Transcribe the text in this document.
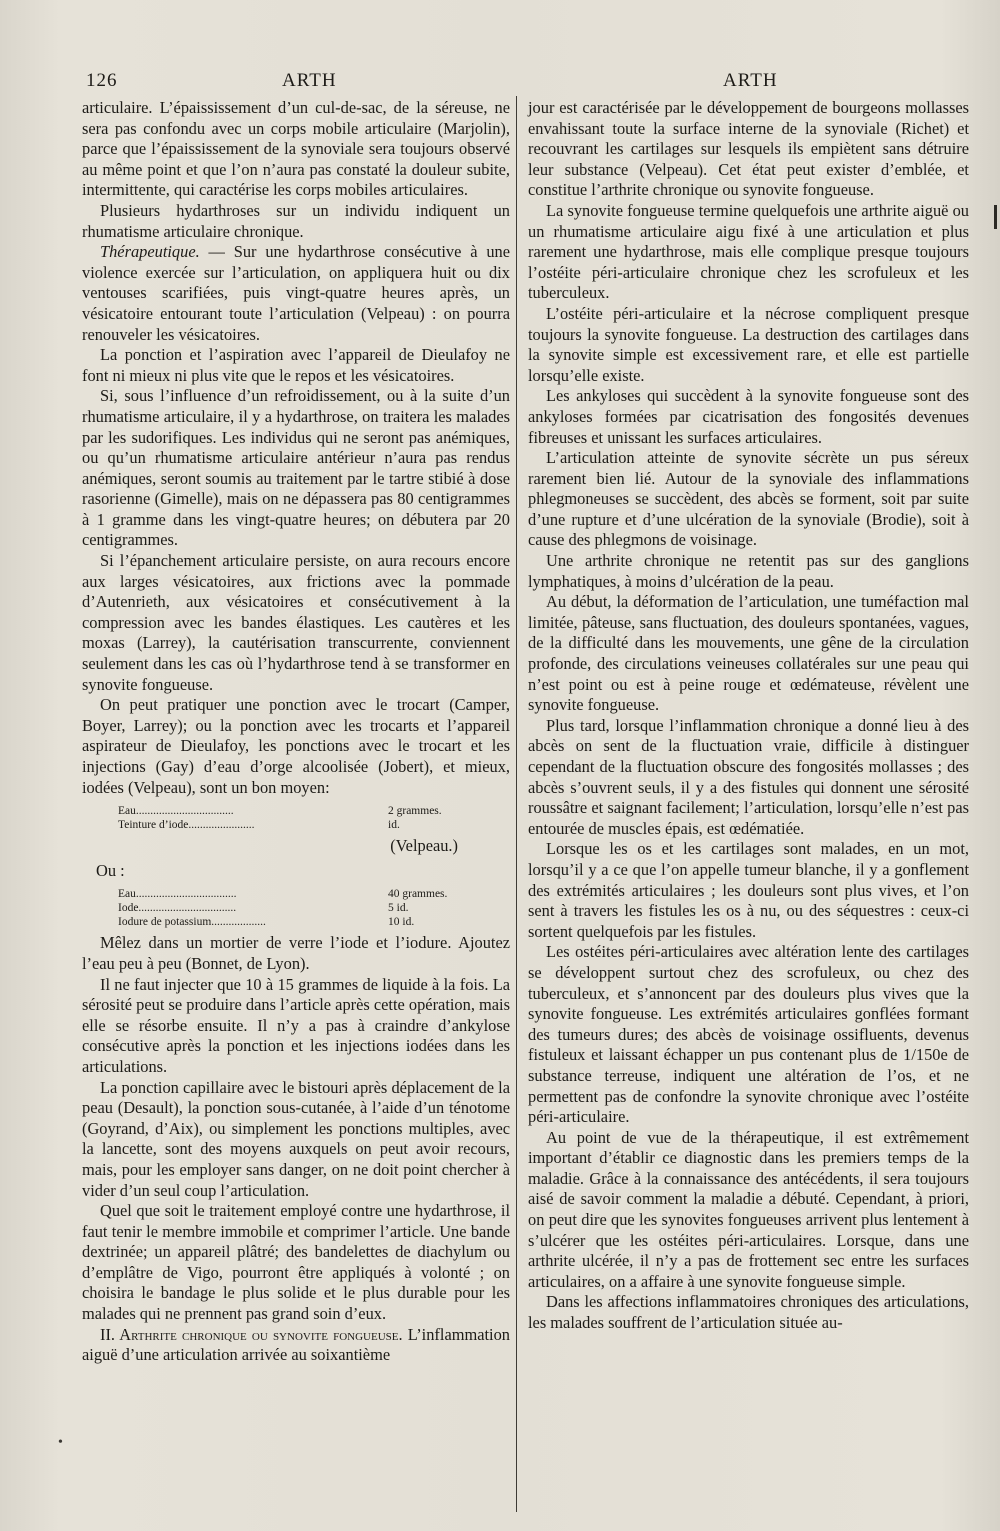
126	ARTH	ARTH

articulaire. L’épaississement d’un cul-de-sac, de la séreuse, ne sera pas confondu avec un corps mobile articulaire (Marjolin), parce que l’épaississement de la synoviale sera toujours observé au même point et que l’on n’aura pas constaté la douleur subite, intermittente, qui caractérise les corps mobiles articulaires.

Plusieurs hydarthroses sur un individu indiquent un rhumatisme articulaire chronique.

Thérapeutique. — Sur une hydarthrose consécutive à une violence exercée sur l’articulation, on appliquera huit ou dix ventouses scarifiées, puis vingt-quatre heures après, un vésicatoire entourant toute l’articulation (Velpeau) : on pourra renouveler les vésicatoires.

La ponction et l’aspiration avec l’appareil de Dieulafoy ne font ni mieux ni plus vite que le repos et les vésicatoires.

Si, sous l’influence d’un refroidissement, ou à la suite d’un rhumatisme articulaire, il y a hydarthrose, on traitera les malades par les sudorifiques. Les individus qui ne seront pas anémiques, ou qu’un rhumatisme articulaire antérieur n’aura pas rendus anémiques, seront soumis au traitement par le tartre stibié à dose rasorienne (Gimelle), mais on ne dépassera pas 80 centigrammes à 1 gramme dans les vingt-quatre heures; on débutera par 20 centigrammes.

Si l’épanchement articulaire persiste, on aura recours encore aux larges vésicatoires, aux frictions avec la pommade d’Autenrieth, aux vésicatoires et consécutivement à la compression avec les bandes élastiques. Les cautères et les moxas (Larrey), la cautérisation transcurrente, conviennent seulement dans les cas où l’hydarthrose tend à se transformer en synovite fongueuse.

On peut pratiquer une ponction avec le trocart (Camper, Boyer, Larrey); ou la ponction avec les trocarts et l’appareil aspirateur de Dieulafoy, les ponctions avec le trocart et les injections (Gay) d’eau d’orge alcoolisée (Jobert), et mieux, iodées (Velpeau), sont un bon moyen:

Eau..................................	2 grammes.
Teinture d’iode.......................	id.
(Velpeau.)
Ou :
Eau...................................	40 grammes.
Iode..................................	5 id.
Iodure de potassium...................	10 id.

Mêlez dans un mortier de verre l’iode et l’iodure. Ajoutez l’eau peu à peu (Bonnet, de Lyon).

Il ne faut injecter que 10 à 15 grammes de liquide à la fois. La sérosité peut se produire dans l’article après cette opération, mais elle se résorbe ensuite. Il n’y a pas à craindre d’ankylose consécutive après la ponction et les injections iodées dans les articulations.

La ponction capillaire avec le bistouri après déplacement de la peau (Desault), la ponction sous-cutanée, à l’aide d’un ténotome (Goyrand, d’Aix), ou simplement les ponctions multiples, avec la lancette, sont des moyens auxquels on peut avoir recours, mais, pour les employer sans danger, on ne doit point chercher à vider d’un seul coup l’articulation.

Quel que soit le traitement employé contre une hydarthrose, il faut tenir le membre immobile et comprimer l’article. Une bande dextrinée; un appareil plâtré; des bandelettes de diachylum ou d’emplâtre de Vigo, pourront être appliqués à volonté ; on choisira le bandage le plus solide et le plus durable pour les malades qui ne prennent pas grand soin d’eux.

II. Arthrite chronique ou synovite fongueuse. L’inflammation aiguë d’une articulation arrivée au soixantième

jour est caractérisée par le développement de bourgeons mollasses envahissant toute la surface interne de la synoviale (Richet) et recouvrant les cartilages sur lesquels ils empiètent sans détruire leur substance (Velpeau). Cet état peut exister d’emblée, et constitue l’arthrite chronique ou synovite fongueuse.

La synovite fongueuse termine quelquefois une arthrite aiguë ou un rhumatisme articulaire aigu fixé à une articulation et plus rarement une hydarthrose, mais elle complique presque toujours l’ostéite péri-articulaire chronique chez les scrofuleux et les tuberculeux.

L’ostéite péri-articulaire et la nécrose compliquent presque toujours la synovite fongueuse. La destruction des cartilages dans la synovite simple est excessivement rare, et elle est partielle lorsqu’elle existe.

Les ankyloses qui succèdent à la synovite fongueuse sont des ankyloses formées par cicatrisation des fongosités devenues fibreuses et unissant les surfaces articulaires.

L’articulation atteinte de synovite sécrète un pus séreux rarement bien lié. Autour de la synoviale des inflammations phlegmoneuses se succèdent, des abcès se forment, soit par suite d’une rupture et d’une ulcération de la synoviale (Brodie), soit à cause des phlegmons de voisinage.

Une arthrite chronique ne retentit pas sur des ganglions lymphatiques, à moins d’ulcération de la peau.

Au début, la déformation de l’articulation, une tuméfaction mal limitée, pâteuse, sans fluctuation, des douleurs spontanées, vagues, de la difficulté dans les mouvements, une gêne de la circulation profonde, des circulations veineuses collatérales sur une peau qui n’est point ou est à peine rouge et œdémateuse, révèlent une synovite fongueuse.

Plus tard, lorsque l’inflammation chronique a donné lieu à des abcès on sent de la fluctuation vraie, difficile à distinguer cependant de la fluctuation obscure des fongosités mollasses ; des abcès s’ouvrent seuls, il y a des fistules qui donnent une sérosité roussâtre et saignant facilement; l’articulation, lorsqu’elle n’est pas entourée de muscles épais, est œdématiée.

Lorsque les os et les cartilages sont malades, en un mot, lorsqu’il y a ce que l’on appelle tumeur blanche, il y a gonflement des extrémités articulaires ; les douleurs sont plus vives, et l’on sent à travers les fistules les os à nu, ou des séquestres : ceux-ci sortent quelquefois par les fistules.

Les ostéites péri-articulaires avec altération lente des cartilages se développent surtout chez des scrofuleux, ou chez des tuberculeux, et s’annoncent par des douleurs plus vives que la synovite fongueuse. Les extrémités articulaires gonflées formant des tumeurs dures; des abcès de voisinage ossifluents, devenus fistuleux et laissant échapper un pus contenant plus de 1/150e de substance terreuse, indiquent une altération de l’os, et ne permettent pas de confondre la synovite chronique avec l’ostéite péri-articulaire.

Au point de vue de la thérapeutique, il est extrêmement important d’établir ce diagnostic dans les premiers temps de la maladie. Grâce à la connaissance des antécédents, il sera toujours aisé de savoir comment la maladie a débuté. Cependant, à priori, on peut dire que les synovites fongueuses arrivent plus lentement à s’ulcérer que les ostéites péri-articulaires. Lorsque, dans une arthrite ulcérée, il n’y a pas de frottement sec entre les surfaces articulaires, on a affaire à une synovite fongueuse simple.

Dans les affections inflammatoires chroniques des articulations, les malades souffrent de l’articulation située au-

•
